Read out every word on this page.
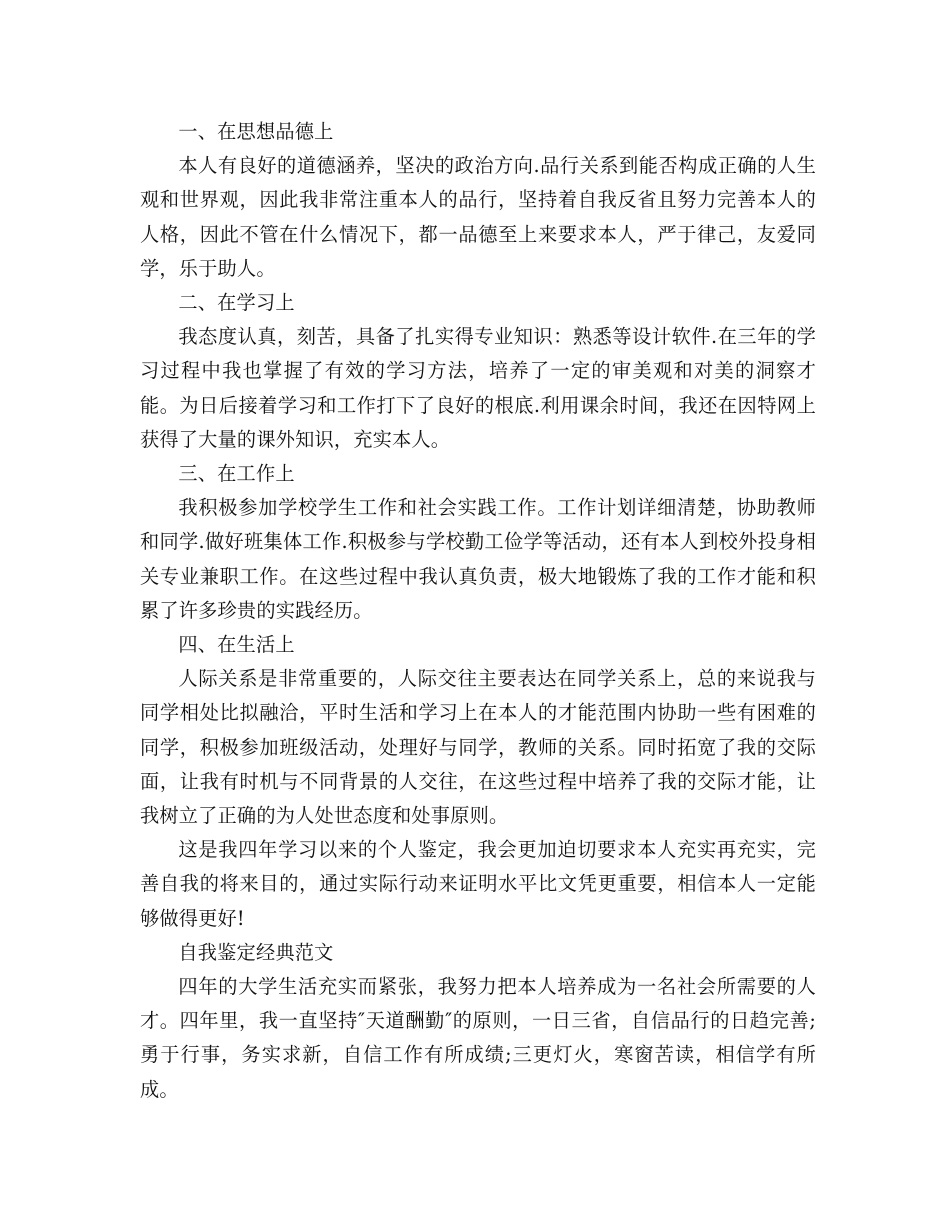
一、在思想品德上

本人有良好的道德涵养，坚决的政治方向.品行关系到能否构成正确的人生观和世界观，因此我非常注重本人的品行，坚持着自我反省且努力完善本人的人格，因此不管在什么情况下，都一品德至上来要求本人，严于律己，友爱同学，乐于助人。

二、在学习上

我态度认真，刻苦，具备了扎实得专业知识：熟悉等设计软件.在三年的学习过程中我也掌握了有效的学习方法，培养了一定的审美观和对美的洞察才能。为日后接着学习和工作打下了良好的根底.利用课余时间，我还在因特网上获得了大量的课外知识，充实本人。

三、在工作上

我积极参加学校学生工作和社会实践工作。工作计划详细清楚，协助教师和同学.做好班集体工作.积极参与学校勤工俭学等活动，还有本人到校外投身相关专业兼职工作。在这些过程中我认真负责，极大地锻炼了我的工作才能和积累了许多珍贵的实践经历。

四、在生活上

人际关系是非常重要的，人际交往主要表达在同学关系上，总的来说我与同学相处比拟融洽，平时生活和学习上在本人的才能范围内协助一些有困难的同学，积极参加班级活动，处理好与同学，教师的关系。同时拓宽了我的交际面，让我有时机与不同背景的人交往，在这些过程中培养了我的交际才能，让我树立了正确的为人处世态度和处事原则。

这是我四年学习以来的个人鉴定，我会更加迫切要求本人充实再充实，完善自我的将来目的，通过实际行动来证明水平比文凭更重要，相信本人一定能够做得更好!

自我鉴定经典范文

四年的大学生活充实而紧张，我努力把本人培养成为一名社会所需要的人才。四年里，我一直坚持″天道酬勤″的原则，一日三省，自信品行的日趋完善;勇于行事，务实求新，自信工作有所成绩;三更灯火，寒窗苦读，相信学有所成。
